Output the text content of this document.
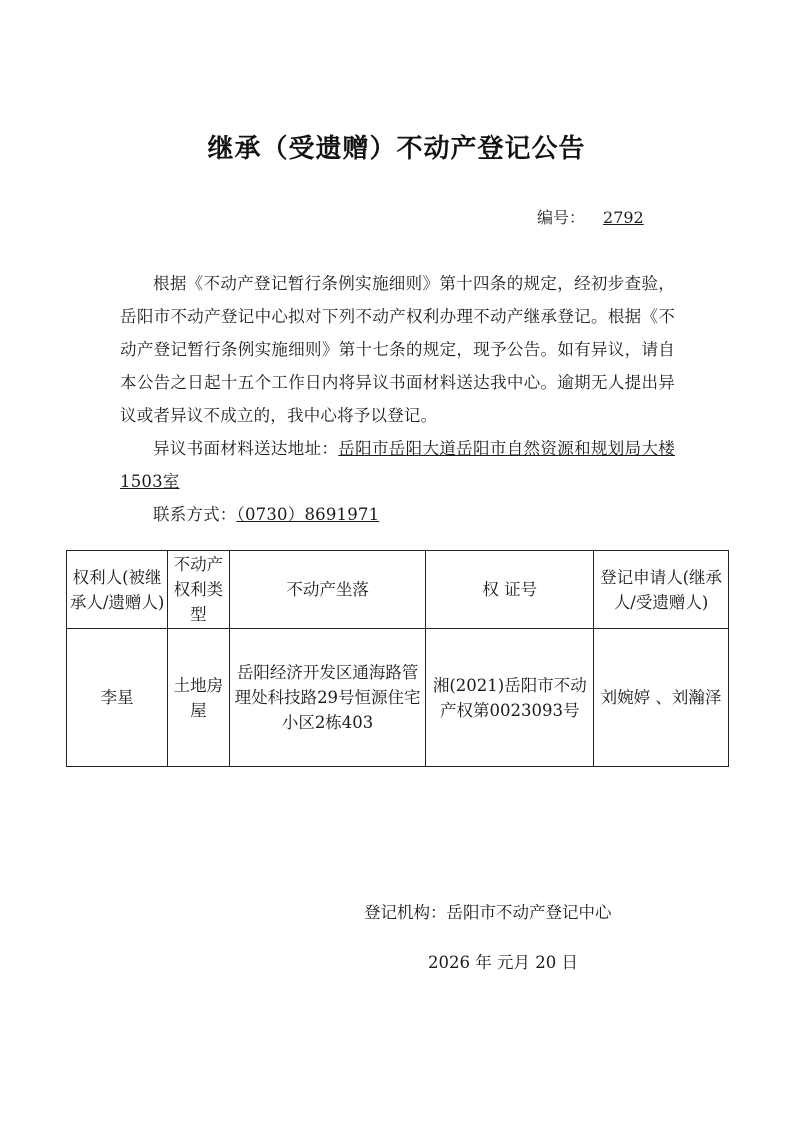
继承（受遗赠）不动产登记公告
编号： 2792

根据《不动产登记暂行条例实施细则》第十四条的规定，经初步查验，岳阳市不动产登记中心拟对下列不动产权利办理不动产继承登记。根据《不动产登记暂行条例实施细则》第十七条的规定，现予公告。如有异议，请自本公告之日起十五个工作日内将异议书面材料送达我中心。逾期无人提出异议或者异议不成立的，我中心将予以登记。

异议书面材料送达地址：岳阳市岳阳大道岳阳市自然资源和规划局大楼1503室

联系方式：（0730）8691971

权利人(被继承人/遗赠人)	不动产权利类型	不动产坐落	权 证号	登记申请人(继承人/受遗赠人)
李星	土地房屋	岳阳经济开发区通海路管理处科技路29号恒源住宅小区2栋403	湘(2021)岳阳市不动产权第0023093号	刘婉婷 、刘瀚泽
登记机构：岳阳市不动产登记中心
2026 年 元月 20 日
